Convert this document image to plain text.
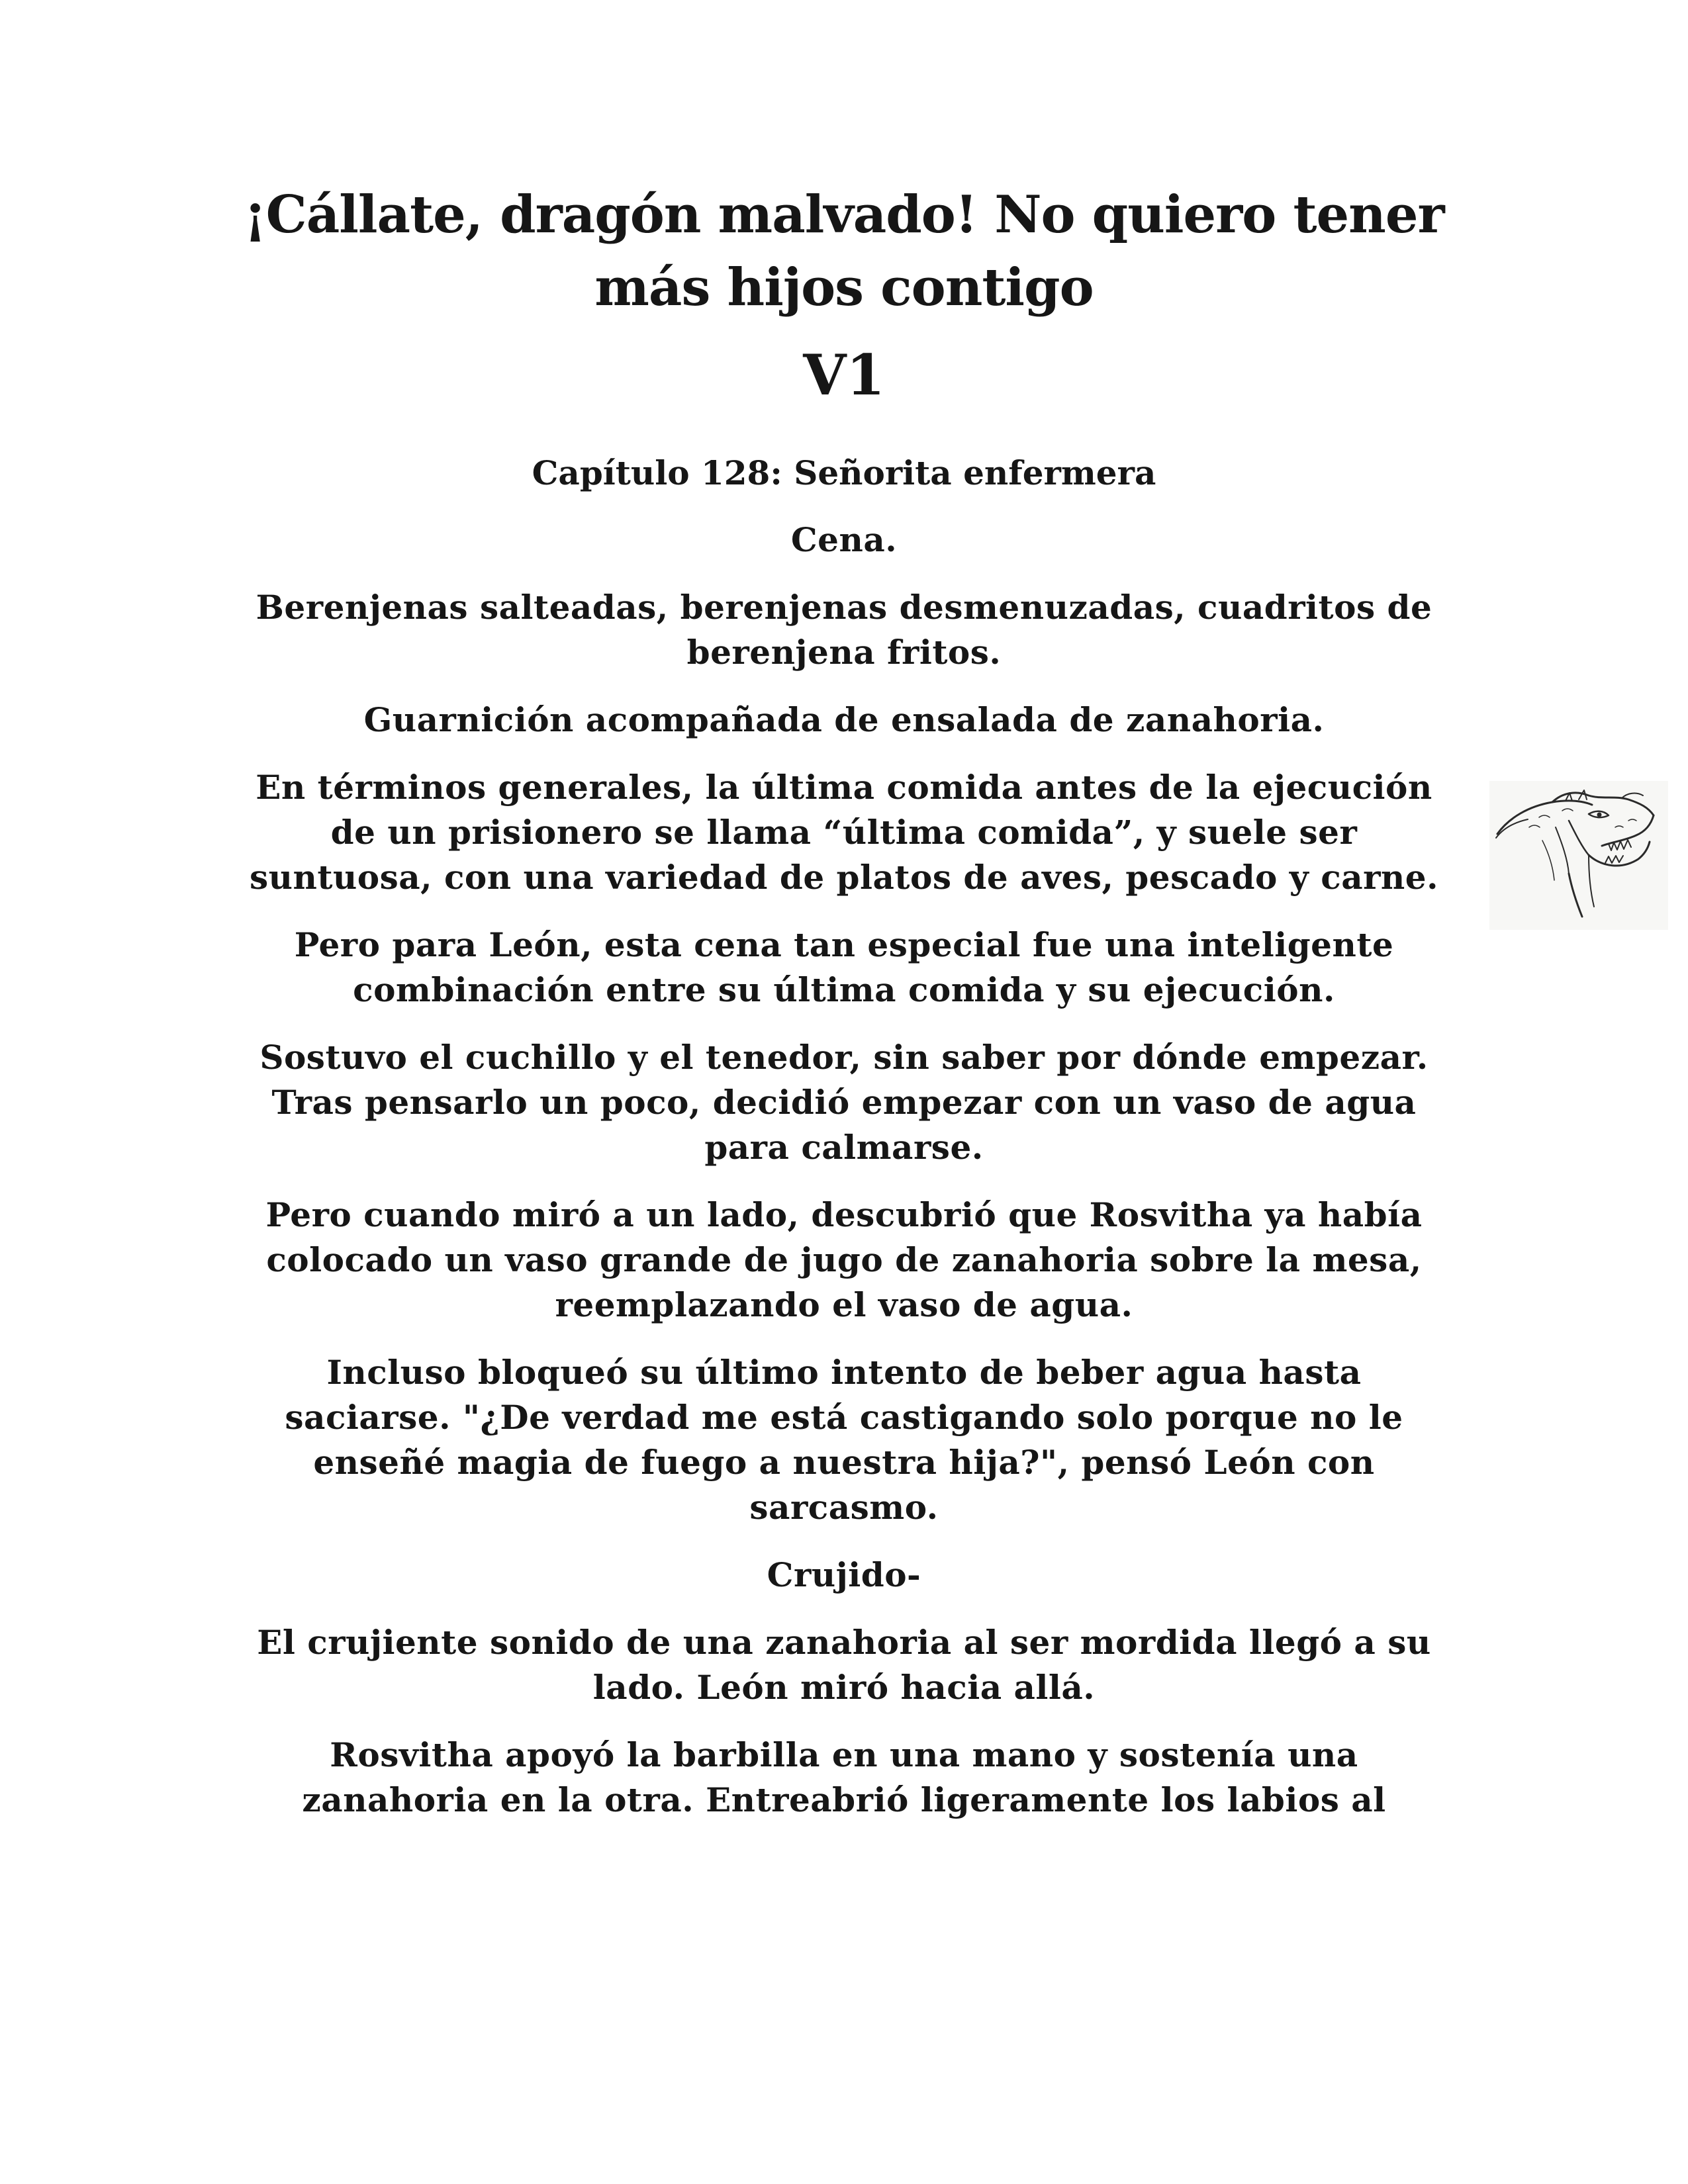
¡Cállate, dragón malvado! No quiero tener
más hijos contigo
V1
Capítulo 128: Señorita enfermera

Cena.

Berenjenas salteadas, berenjenas desmenuzadas, cuadritos de
berenjena fritos.

Guarnición acompañada de ensalada de zanahoria.

En términos generales, la última comida antes de la ejecución
de un prisionero se llama “última comida”, y suele ser
suntuosa, con una variedad de platos de aves, pescado y carne.

Pero para León, esta cena tan especial fue una inteligente
combinación entre su última comida y su ejecución.

Sostuvo el cuchillo y el tenedor, sin saber por dónde empezar.
Tras pensarlo un poco, decidió empezar con un vaso de agua
para calmarse.

Pero cuando miró a un lado, descubrió que Rosvitha ya había
colocado un vaso grande de jugo de zanahoria sobre la mesa,
reemplazando el vaso de agua.

Incluso bloqueó su último intento de beber agua hasta
saciarse. "¿De verdad me está castigando solo porque no le
enseñé magia de fuego a nuestra hija?", pensó León con
sarcasmo.

Crujido-

El crujiente sonido de una zanahoria al ser mordida llegó a su
lado. León miró hacia allá.

Rosvitha apoyó la barbilla en una mano y sostenía una
zanahoria en la otra. Entreabrió ligeramente los labios al
